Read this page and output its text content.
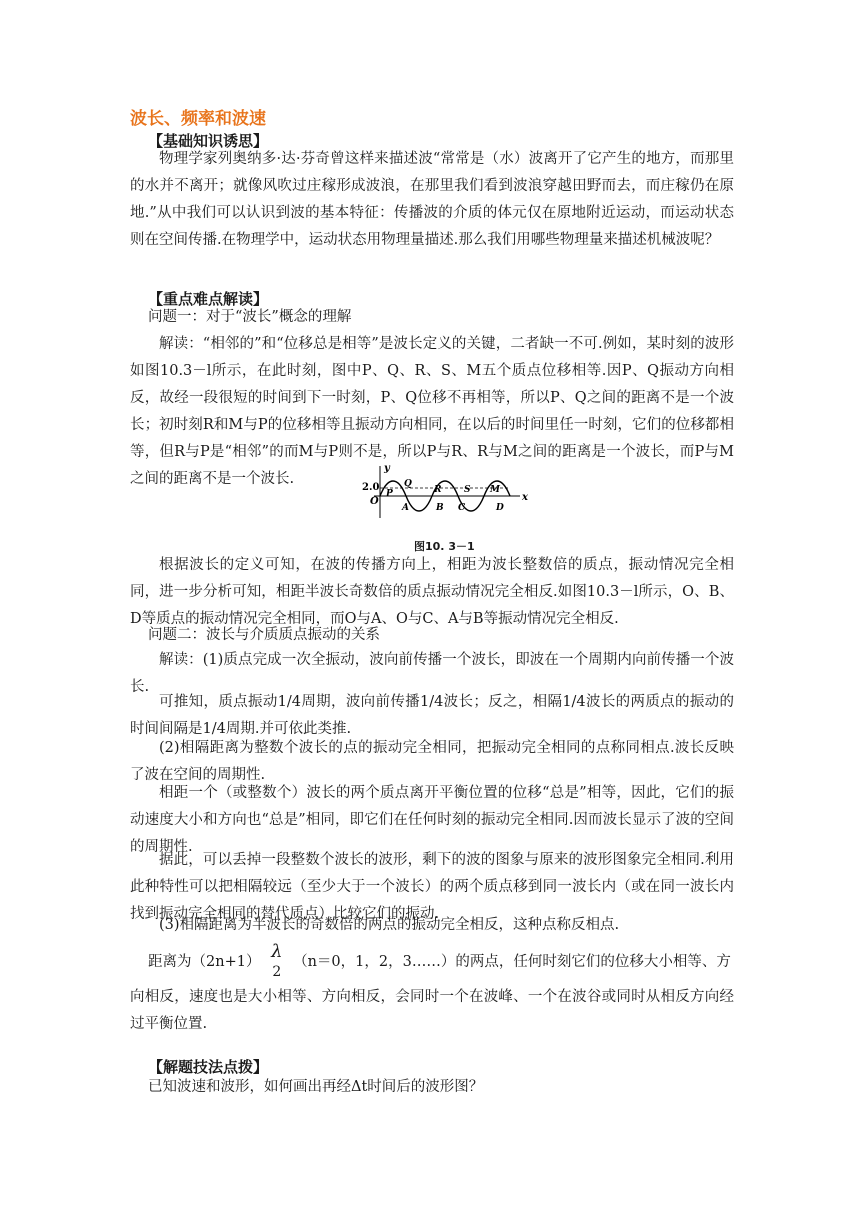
波长、频率和波速
【基础知识诱思】

物理学家列奥纳多·达·芬奇曾这样来描述波“常常是（水）波离开了它产生的地方，而那里的水并不离开；就像风吹过庄稼形成波浪，在那里我们看到波浪穿越田野而去，而庄稼仍在原地.”从中我们可以认识到波的基本特征：传播波的介质的体元仅在原地附近运动，而运动状态则在空间传播.在物理学中，运动状态用物理量描述.那么我们用哪些物理量来描述机械波呢？

【重点难点解读】
问题一：对于“波长”概念的理解

解读：“相邻的”和“位移总是相等”是波长定义的关键，二者缺一不可.例如，某时刻的波形如图10.3－l所示，在此时刻，图中P、Q、R、S、M五个质点位移相等.因P、Q振动方向相反，故经一段很短的时间到下一时刻，P、Q位移不再相等，所以P、Q之间的距离不是一个波长；初时刻R和M与P的位移相等且振动方向相同，在以后的时间里任一时刻，它们的位移都相等，但R与P是“相邻”的而M与P则不是，所以P与R、R与M之间的距离是一个波长，而P与M之间的距离不是一个波长.

y
x
2.0
O
P
Q
R	S M
A	B C	D
图10. 3－1

根据波长的定义可知，在波的传播方向上，相距为波长整数倍的质点，振动情况完全相同，进一步分析可知，相距半波长奇数倍的质点振动情况完全相反.如图10.3－l所示，O、B、D等质点的振动情况完全相同，而O与A、O与C、A与B等振动情况完全相反.

问题二：波长与介质质点振动的关系

解读：(1)质点完成一次全振动，波向前传播一个波长，即波在一个周期内向前传播一个波长.

可推知，质点振动1/4周期，波向前传播1/4波长；反之，相隔1/4波长的两质点的振动的时间间隔是1/4周期.并可依此类推.

(2)相隔距离为整数个波长的点的振动完全相同，把振动完全相同的点称同相点.波长反映了波在空间的周期性.

相距一个（或整数个）波长的两个质点离开平衡位置的位移“总是”相等，因此，它们的振动速度大小和方向也“总是”相同，即它们在任何时刻的振动完全相同.因而波长显示了波的空间的周期性.

据此，可以丢掉一段整数个波长的波形，剩下的波的图象与原来的波形图象完全相同.利用此种特性可以把相隔较远（至少大于一个波长）的两个质点移到同一波长内（或在同一波长内找到振动完全相同的替代质点）比较它们的振动.

(3)相隔距离为半波长的奇数倍的两点的振动完全相反，这种点称反相点.

距离为（2n+1） λ
2
（n＝0，1，2，3……）的两点，任何时刻它们的位移大小相等、方

向相反，速度也是大小相等、方向相反，会同时一个在波峰、一个在波谷或同时从相反方向经过平衡位置.

【解题技法点拨】
已知波速和波形，如何画出再经Δt时间后的波形图？
